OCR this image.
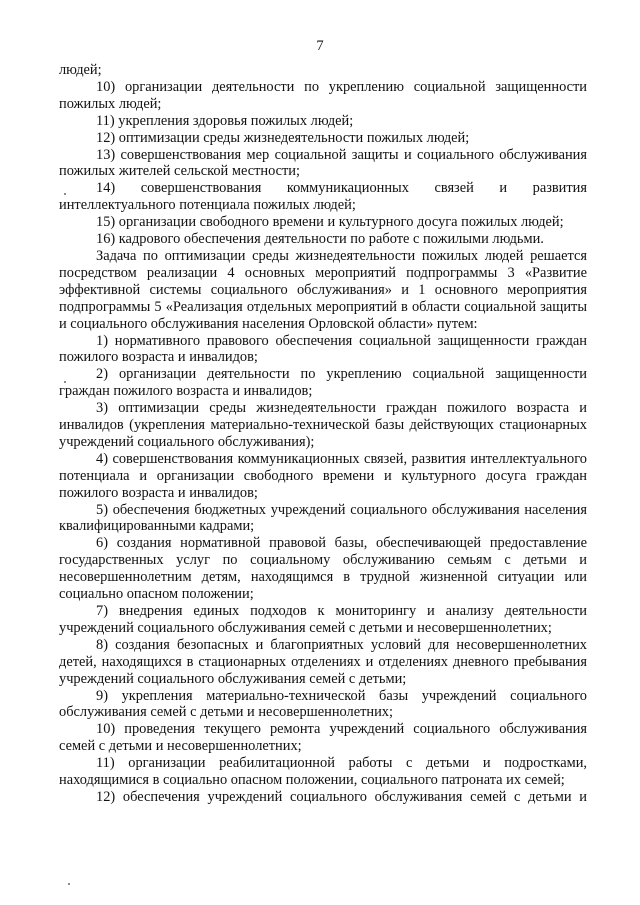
7

людей;

10) организации деятельности по укреплению социальной защищенности пожилых людей;

11) укрепления здоровья пожилых людей;

12) оптимизации среды жизнедеятельности пожилых людей;

13) совершенствования мер социальной защиты и социального обслуживания пожилых жителей сельской местности;

14) совершенствования коммуникационных связей и развития интеллектуального потенциала пожилых людей;

15) организации свободного времени и культурного досуга пожилых людей;

16) кадрового обеспечения деятельности по работе с пожилыми людьми.

Задача по оптимизации среды жизнедеятельности пожилых людей решается посредством реализации 4 основных мероприятий подпрограммы 3 «Развитие эффективной системы социального обслуживания» и 1 основного мероприятия подпрограммы 5 «Реализация отдельных мероприятий в области социальной защиты и социального обслуживания населения Орловской области» путем:

1) нормативного правового обеспечения социальной защищенности граждан пожилого возраста и инвалидов;

2) организации деятельности по укреплению социальной защищенности граждан пожилого возраста и инвалидов;

3) оптимизации среды жизнедеятельности граждан пожилого возраста и инвалидов (укрепления материально-технической базы действующих стационарных учреждений социального обслуживания);

4) совершенствования коммуникационных связей, развития интеллектуального потенциала и организации свободного времени и культурного досуга граждан пожилого возраста и инвалидов;

5) обеспечения бюджетных учреждений социального обслуживания населения квалифицированными кадрами;

6) создания нормативной правовой базы, обеспечивающей предоставление государственных услуг по социальному обслуживанию семьям с детьми и несовершеннолетним детям, находящимся в трудной жизненной ситуации или социально опасном положении;

7) внедрения единых подходов к мониторингу и анализу деятельности учреждений социального обслуживания семей с детьми и несовершеннолетних;

8) создания безопасных и благоприятных условий для несовершеннолетних детей, находящихся в стационарных отделениях и отделениях дневного пребывания учреждений социального обслуживания семей с детьми;

9) укрепления материально-технической базы учреждений социального обслуживания семей с детьми и несовершеннолетних;

10) проведения текущего ремонта учреждений социального обслуживания семей с детьми и несовершеннолетних;

11) организации реабилитационной работы с детьми и подростками, находящимися в социально опасном положении, социального патроната их семей;

12) обеспечения учреждений социального обслуживания семей с детьми и
